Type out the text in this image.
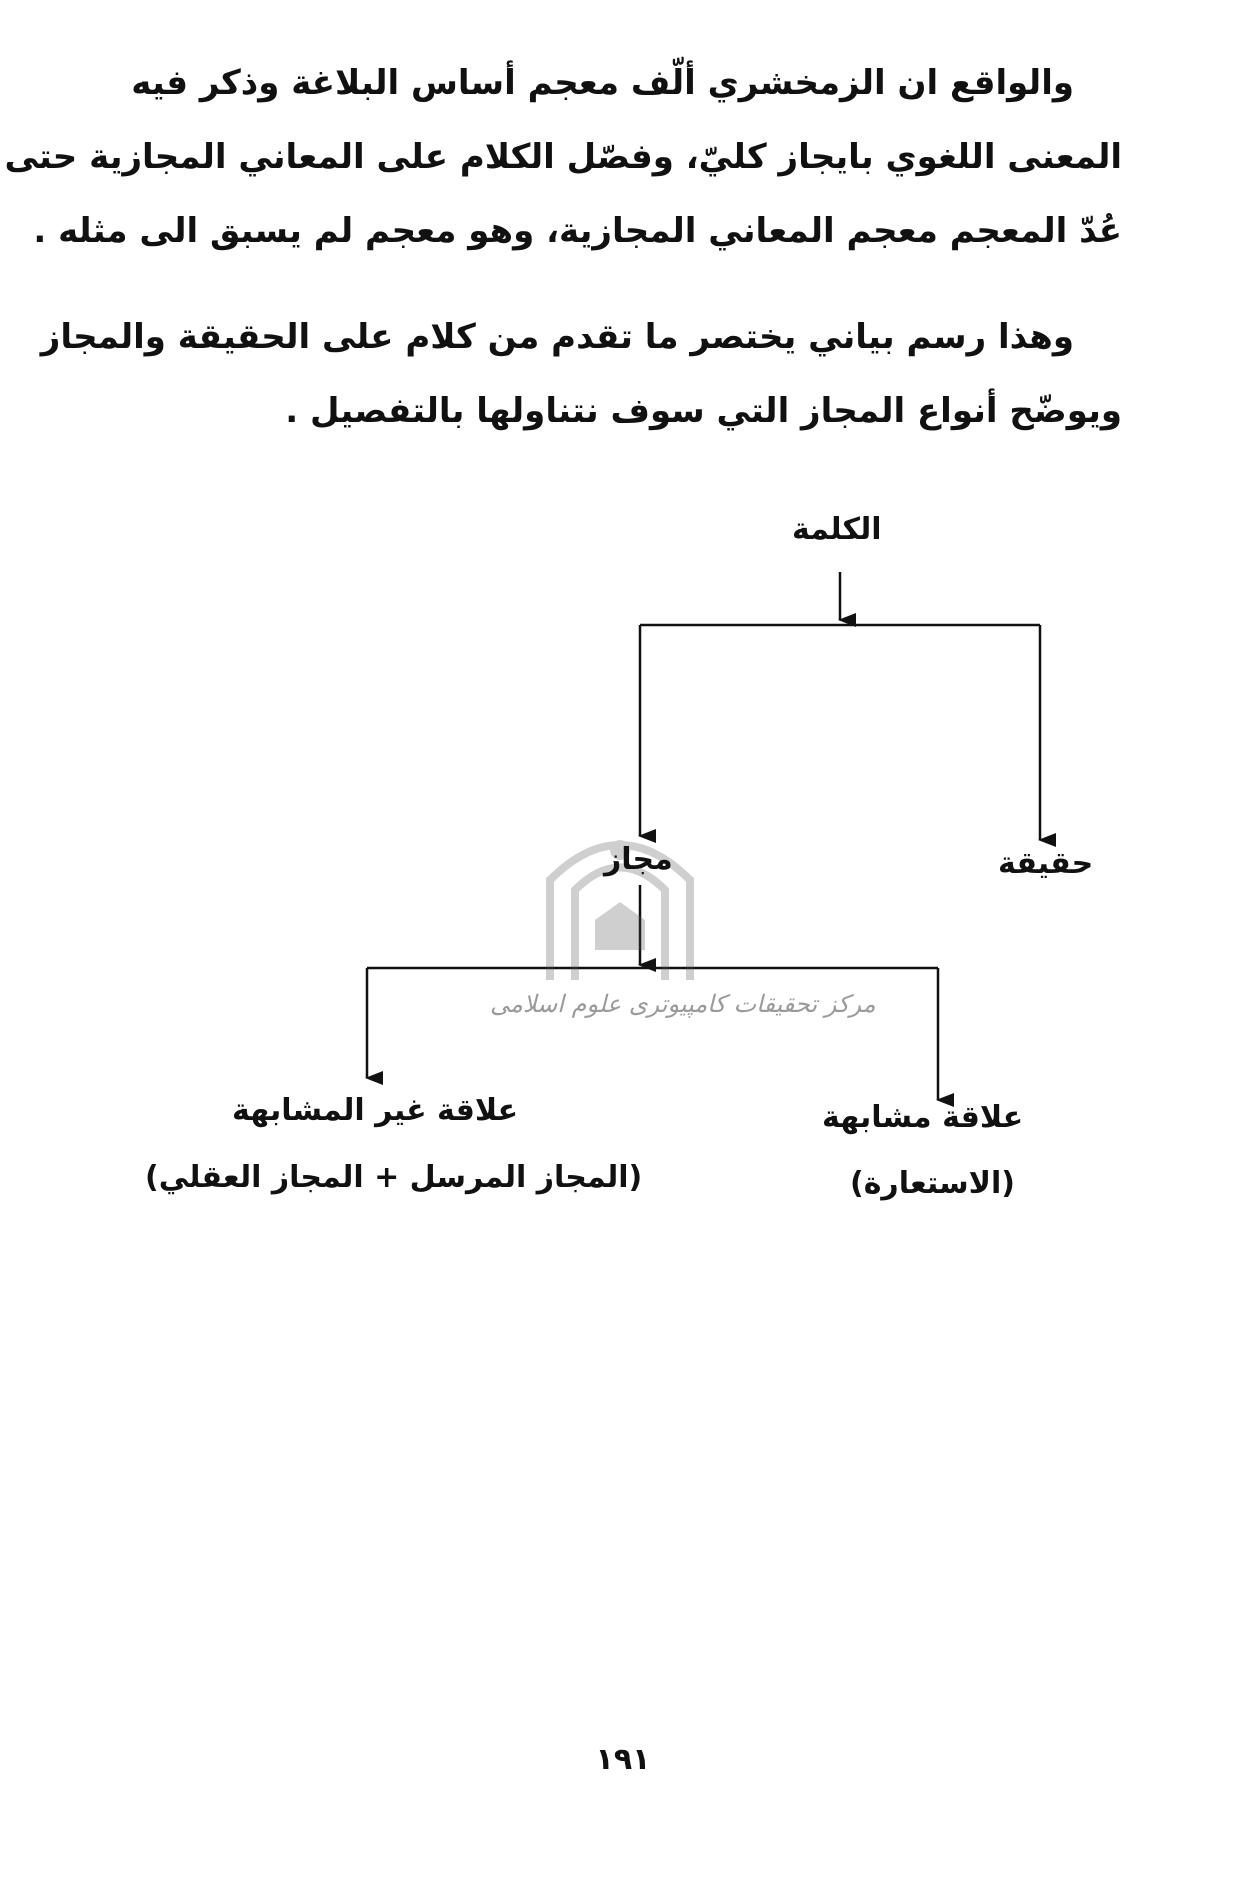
والواقع ان الزمخشري ألّف معجم أساس البلاغة وذكر فيه
المعنى اللغوي بايجاز كليّ، وفصّل الكلام على المعاني المجازية حتى
عُدّ المعجم معجم المعاني المجازية، وهو معجم لم يسبق الى مثله .

وهذا رسم بياني يختصر ما تقدم من كلام على الحقيقة والمجاز
ويوضّح أنواع المجاز التي سوف نتناولها بالتفصيل .

مرکز تحقیقات کامپیوتری علوم اسلامی
الكلمة
حقيقة
مجاز
علاقة مشابهة
(الاستعارة)
علاقة غير المشابهة
(المجاز المرسل + المجاز العقلي)
١٩١
